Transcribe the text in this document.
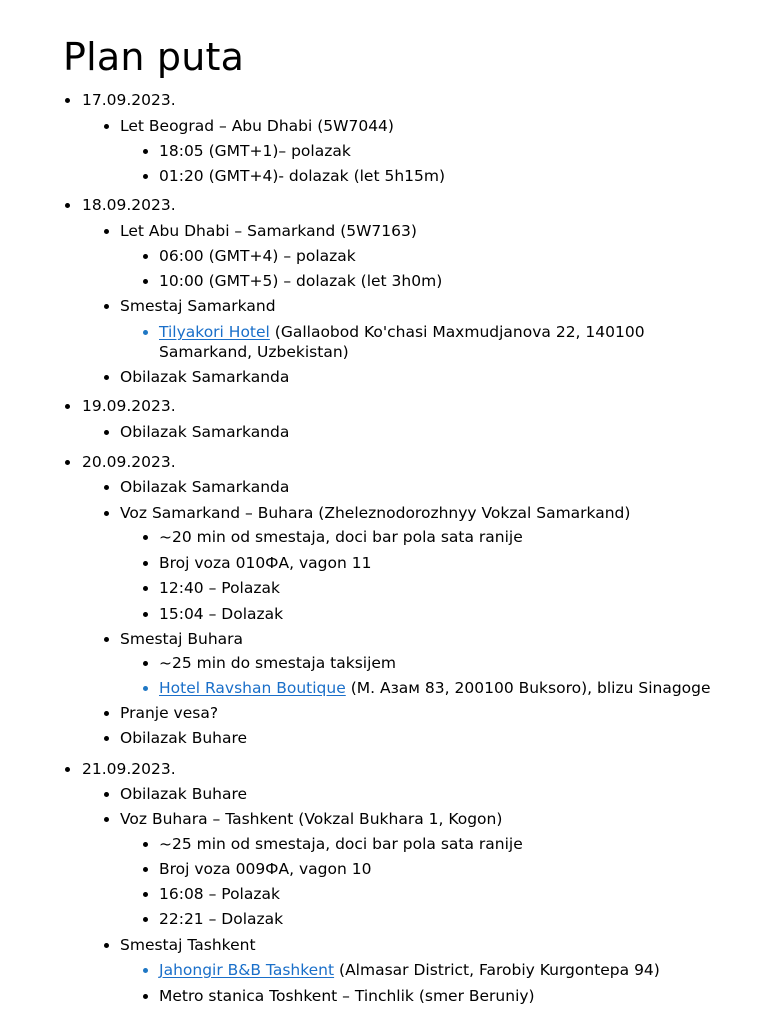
Plan puta
17.09.2023.
Let Beograd – Abu Dhabi (5W7044)
18:05 (GMT+1)– polazak
01:20 (GMT+4)- dolazak (let 5h15m)
18.09.2023.
Let Abu Dhabi – Samarkand (5W7163)
06:00 (GMT+4) – polazak
10:00 (GMT+5) – dolazak (let 3h0m)
Smestaj Samarkand
Tilyakori Hotel (Gallaobod Ko'chasi Maxmudjanova 22, 140100
Samarkand, Uzbekistan)
Obilazak Samarkanda
19.09.2023.
Obilazak Samarkanda
20.09.2023.
Obilazak Samarkanda
Voz Samarkand – Buhara (Zheleznodorozhnyy Vokzal Samarkand)
~20 min od smestaja, doci bar pola sata ranije
Broj voza 010ФА, vagon 11
12:40 – Polazak
15:04 – Dolazak
Smestaj Buhara
~25 min do smestaja taksijem
Hotel Ravshan Boutique (M. Азам 83, 200100 Buksoro), blizu Sinagoge
Pranje vesa?
Obilazak Buhare
21.09.2023.
Obilazak Buhare
Voz Buhara – Tashkent (Vokzal Bukhara 1, Kogon)
~25 min od smestaja, doci bar pola sata ranije
Broj voza 009ФА, vagon 10
16:08 – Polazak
22:21 – Dolazak
Smestaj Tashkent
Jahongir B&B Tashkent (Almasar District, Farobiy Kurgontepa 94)
Metro stanica Toshkent – Tinchlik (smer Beruniy)
